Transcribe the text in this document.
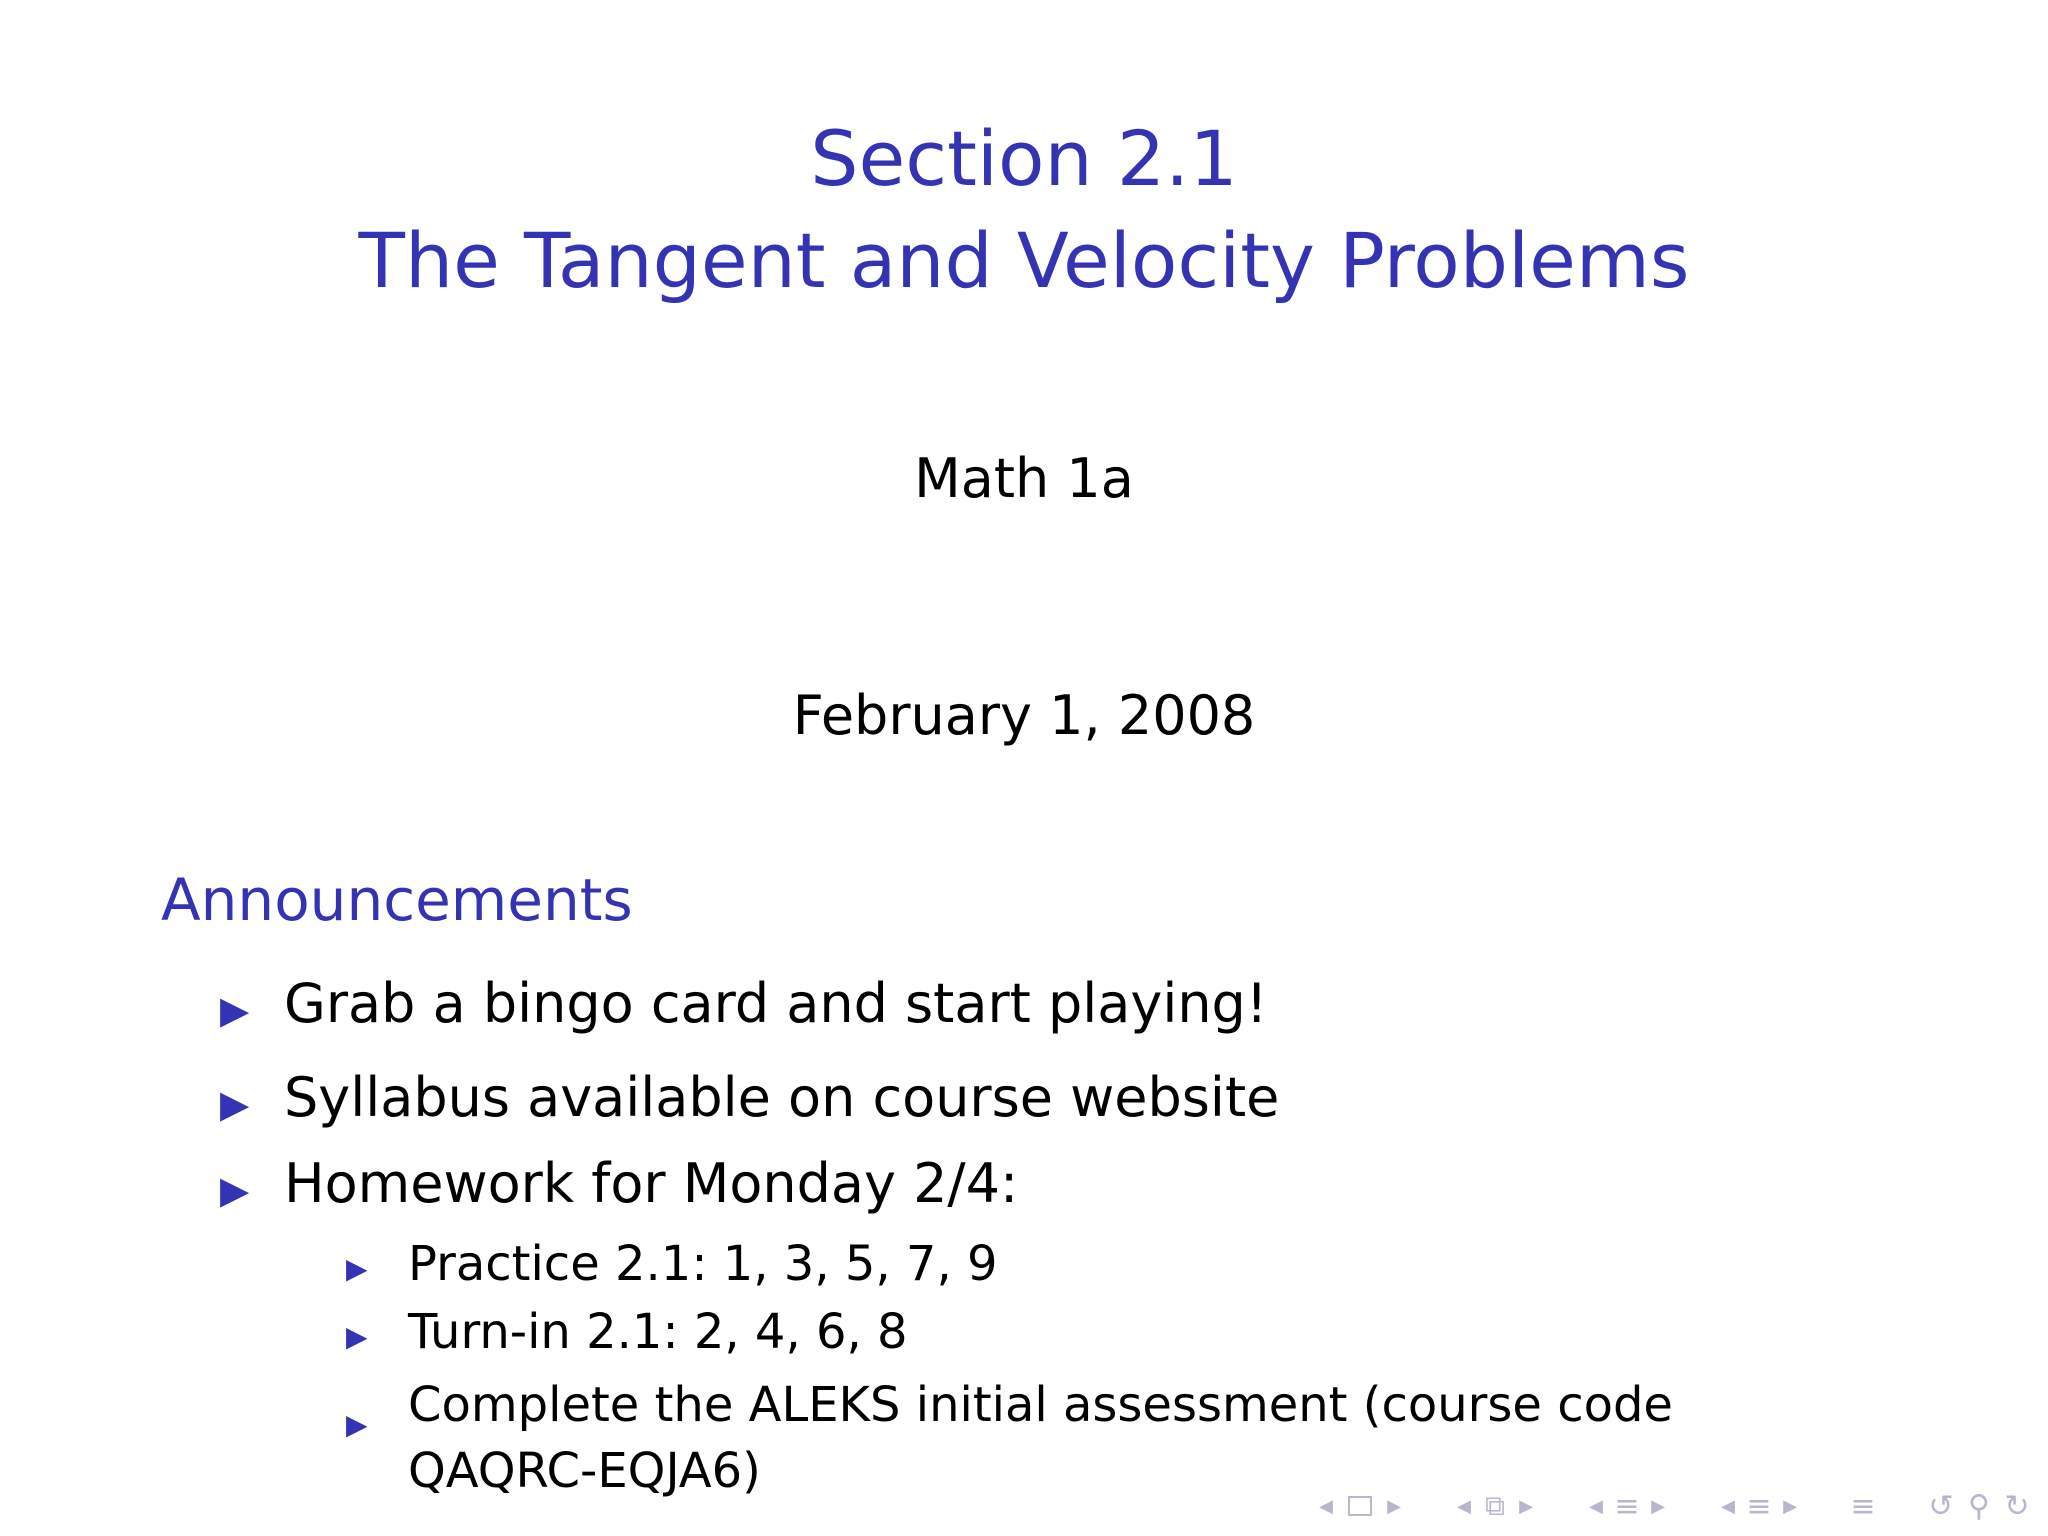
Section 2.1
The Tangent and Velocity Problems
Math 1a
February 1, 2008
Announcements
▶ Grab a bingo card and start playing!
▶ Syllabus available on course website
▶ Homework for Monday 2/4:
▶ Practice 2.1: 1, 3, 5, 7, 9
▶ Turn-in 2.1: 2, 4, 6, 8
▶ Complete the ALEKS initial assessment (course code
QAQRC-EQJA6)
◀	▶	◀ ⧉ ▶	◀ ≡ ▶	◀ ≡ ▶ ≡ ↺ ⚲ ↻
